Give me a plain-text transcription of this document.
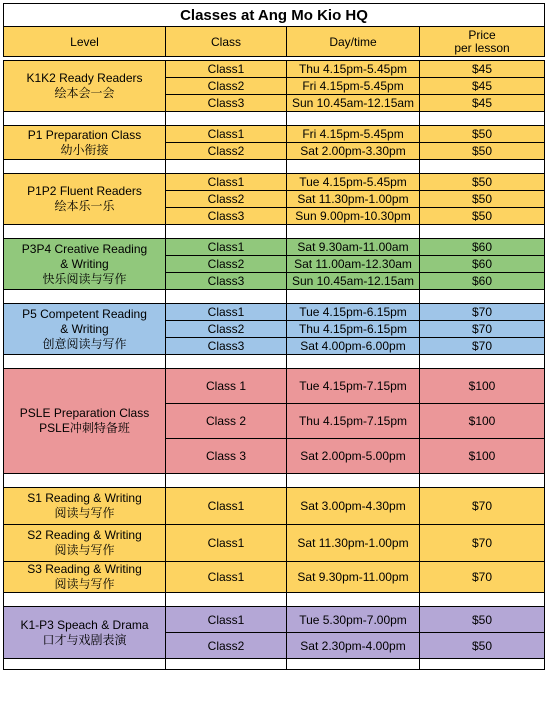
Classes at Ang Mo Kio HQ			
Level	Class	Day/time	Price
per lesson

K1K2 Ready Readers
绘本会一会	Class1	Thu 4.15pm-5.45pm	$45
	Class2	Fri 4.15pm-5.45pm	$45
	Class3	Sun 10.45am-12.15am	$45

P1 Preparation Class
幼小衔接	Class1	Fri 4.15pm-5.45pm	$50
	Class2	Sat 2.00pm-3.30pm	$50

P1P2 Fluent Readers
绘本乐一乐	Class1	Tue 4.15pm-5.45pm	$50
	Class2	Sat 11.30pm-1.00pm	$50
	Class3	Sun 9.00pm-10.30pm	$50

P3P4 Creative Reading
& Writing
快乐阅读与写作	Class1	Sat 9.30am-11.00am	$60
	Class2	Sat 11.00am-12.30am	$60
	Class3	Sun 10.45am-12.15am	$60

P5 Competent Reading
& Writing
创意阅读与写作	Class1	Tue 4.15pm-6.15pm	$70
	Class2	Thu 4.15pm-6.15pm	$70
	Class3	Sat 4.00pm-6.00pm	$70

PSLE Preparation Class
PSLE冲刺特备班	Class 1	Tue 4.15pm-7.15pm	$100
	Class 2	Thu 4.15pm-7.15pm	$100
	Class 3	Sat 2.00pm-5.00pm	$100

S1 Reading & Writing
阅读与写作	Class1	Sat 3.00pm-4.30pm	$70
S2 Reading & Writing
阅读与写作	Class1	Sat 11.30pm-1.00pm	$70
S3 Reading & Writing
阅读与写作	Class1	Sat 9.30pm-11.00pm	$70

K1-P3 Speach & Drama
口才与戏剧表演	Class1	Tue 5.30pm-7.00pm	$50
	Class2	Sat 2.30pm-4.00pm	$50
